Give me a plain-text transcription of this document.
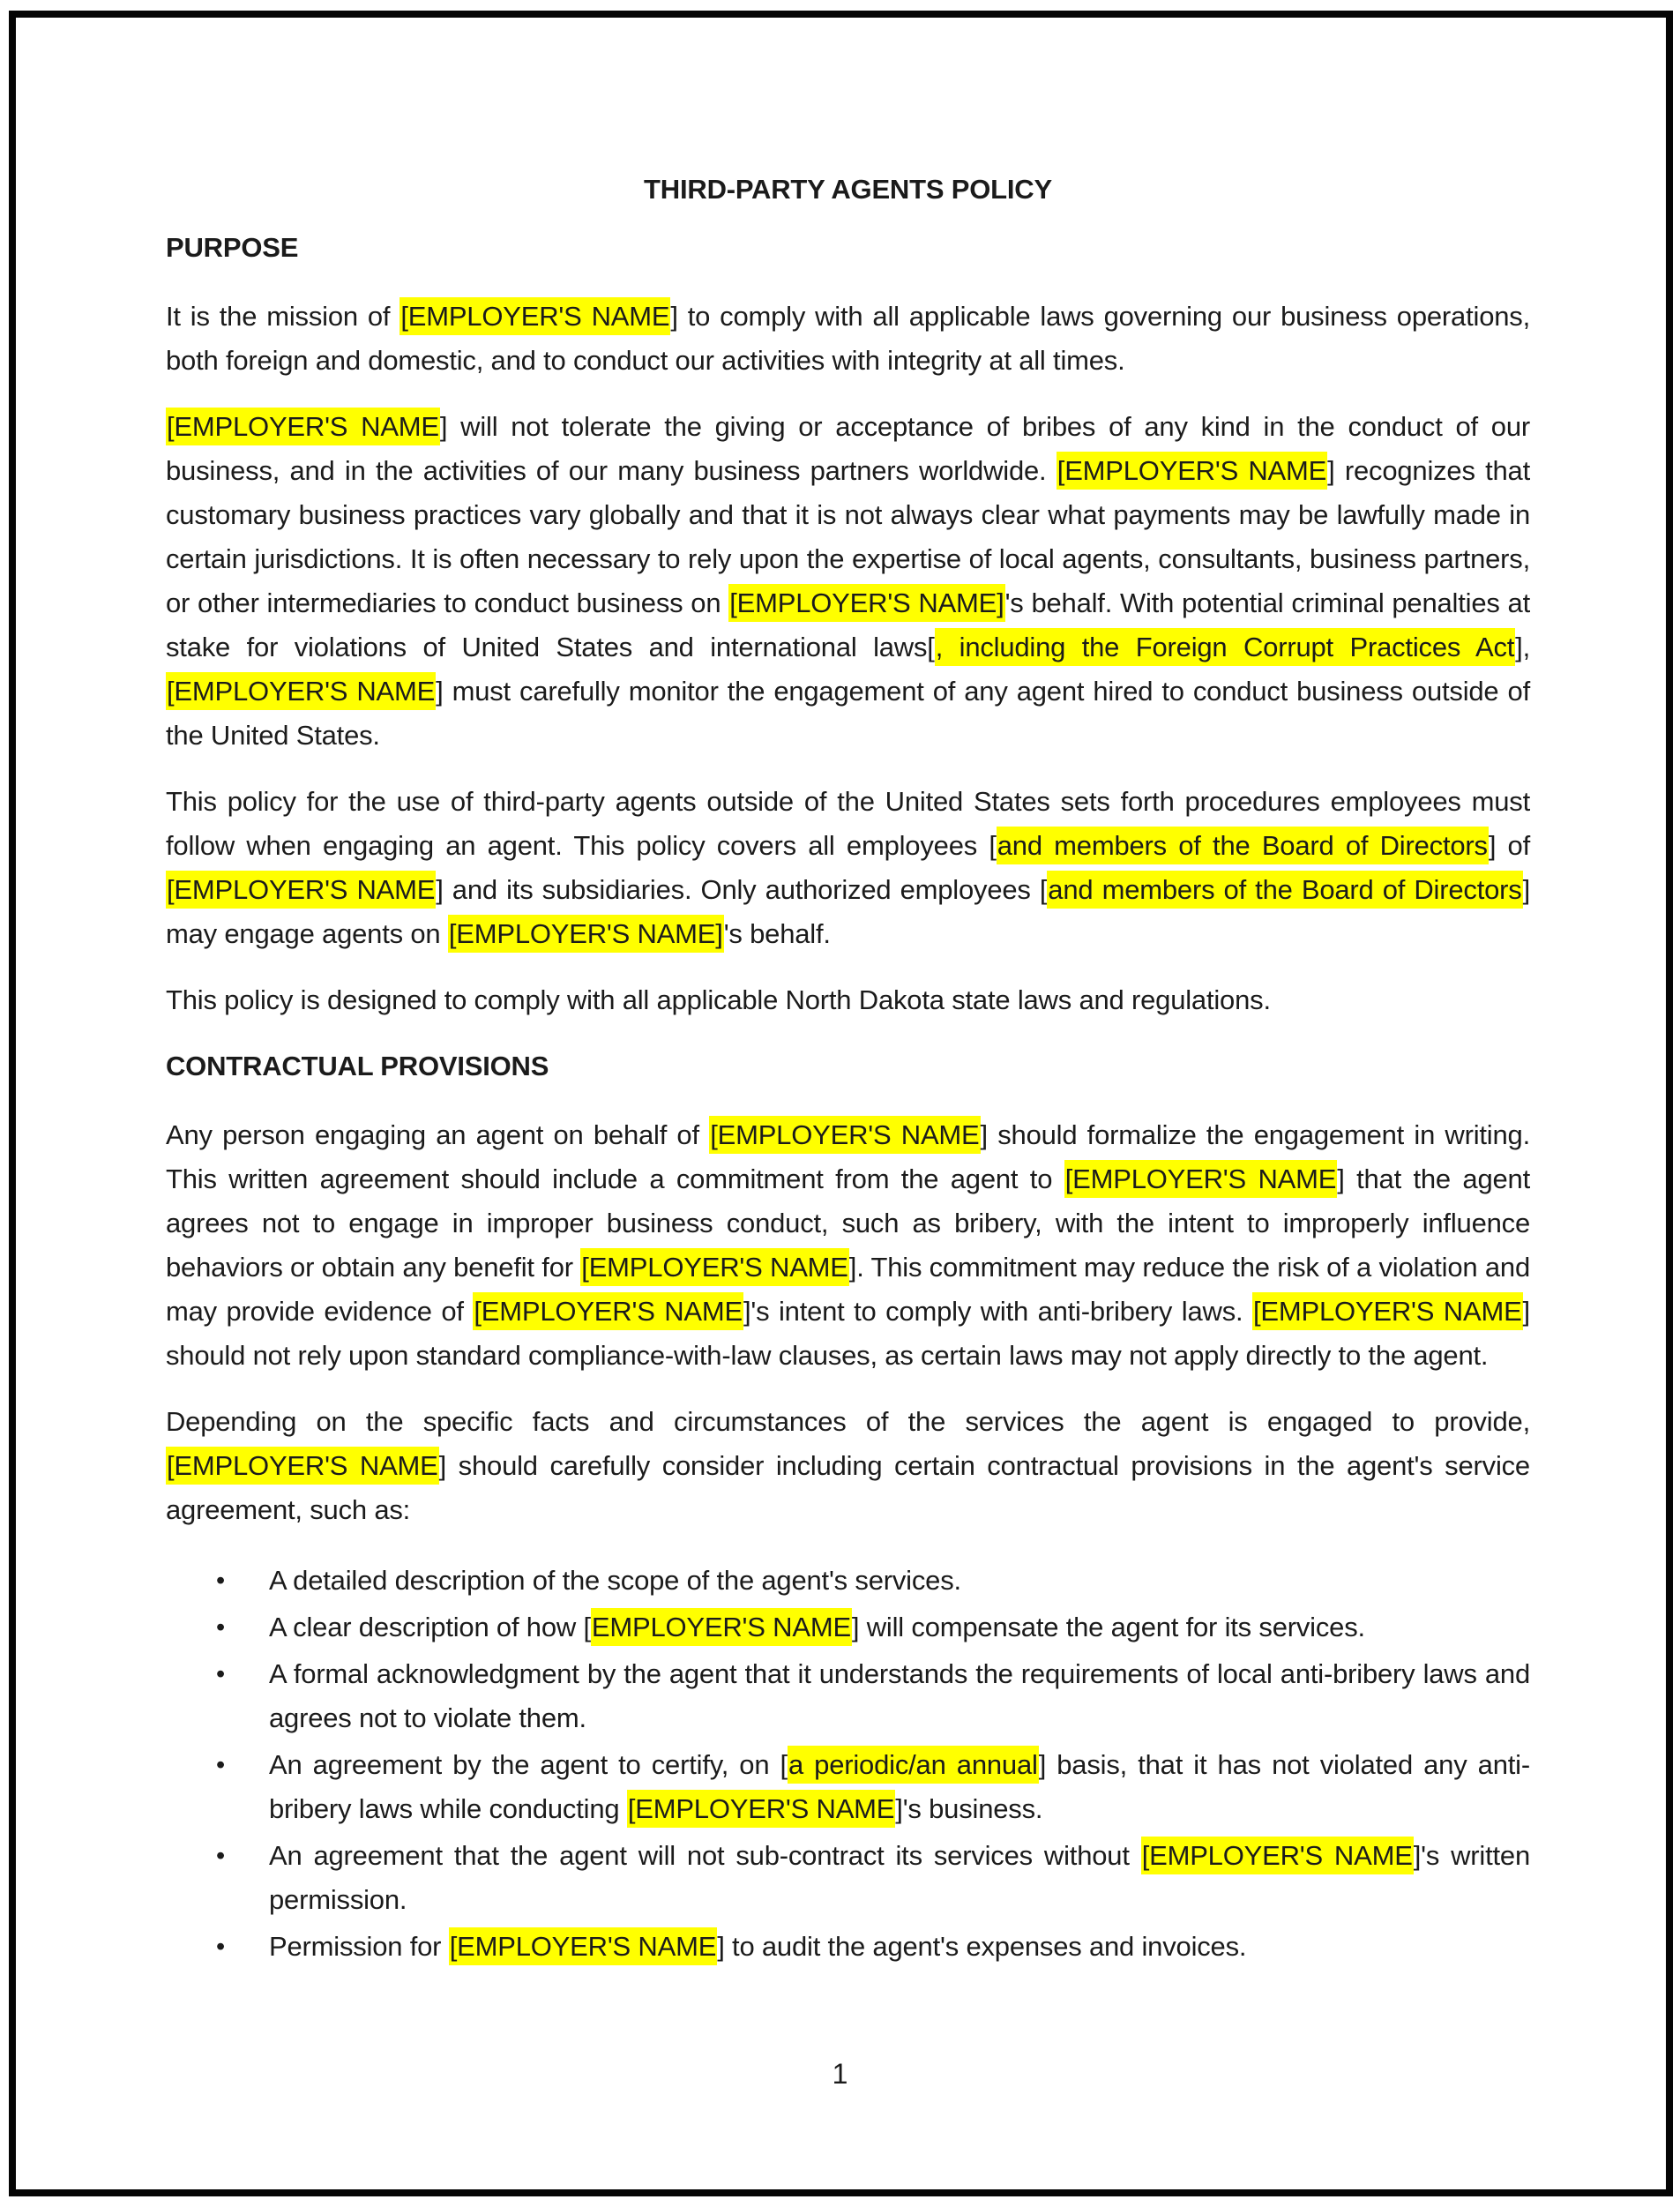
THIRD-PARTY AGENTS POLICY
PURPOSE

It is the mission of [EMPLOYER'S NAME] to comply with all applicable laws governing our business operations, both foreign and domestic, and to conduct our activities with integrity at all times.

[EMPLOYER'S NAME] will not tolerate the giving or acceptance of bribes of any kind in the conduct of our business, and in the activities of our many business partners worldwide. [EMPLOYER'S NAME] recognizes that customary business practices vary globally and that it is not always clear what payments may be lawfully made in certain jurisdictions. It is often necessary to rely upon the expertise of local agents, consultants, business partners, or other intermediaries to conduct business on [EMPLOYER'S NAME]'s behalf. With potential criminal penalties at stake for violations of United States and international laws[, including the Foreign Corrupt Practices Act], [EMPLOYER'S NAME] must carefully monitor the engagement of any agent hired to conduct business outside of the United States.

This policy for the use of third-party agents outside of the United States sets forth procedures employees must follow when engaging an agent. This policy covers all employees [and members of the Board of Directors] of [EMPLOYER'S NAME] and its subsidiaries. Only authorized employees [and members of the Board of Directors] may engage agents on [EMPLOYER'S NAME]'s behalf.

This policy is designed to comply with all applicable North Dakota state laws and regulations.

CONTRACTUAL PROVISIONS

Any person engaging an agent on behalf of [EMPLOYER'S NAME] should formalize the engagement in writing. This written agreement should include a commitment from the agent to [EMPLOYER'S NAME] that the agent agrees not to engage in improper business conduct, such as bribery, with the intent to improperly influence behaviors or obtain any benefit for [EMPLOYER'S NAME]. This commitment may reduce the risk of a violation and may provide evidence of [EMPLOYER'S NAME]'s intent to comply with anti-bribery laws. [EMPLOYER'S NAME] should not rely upon standard compliance-with-law clauses, as certain laws may not apply directly to the agent.

Depending on the specific facts and circumstances of the services the agent is engaged to provide, [EMPLOYER'S NAME] should carefully consider including certain contractual provisions in the agent's service agreement, such as:

•	A detailed description of the scope of the agent's services.
•	A clear description of how [EMPLOYER'S NAME] will compensate the agent for its services.
•	A formal acknowledgment by the agent that it understands the requirements of local anti-bribery laws and agrees not to violate them.
•	An agreement by the agent to certify, on [a periodic/an annual] basis, that it has not violated any anti-bribery laws while conducting [EMPLOYER'S NAME]'s business.
•	An agreement that the agent will not sub-contract its services without [EMPLOYER'S NAME]'s written permission.
•	Permission for [EMPLOYER'S NAME] to audit the agent's expenses and invoices.
1
